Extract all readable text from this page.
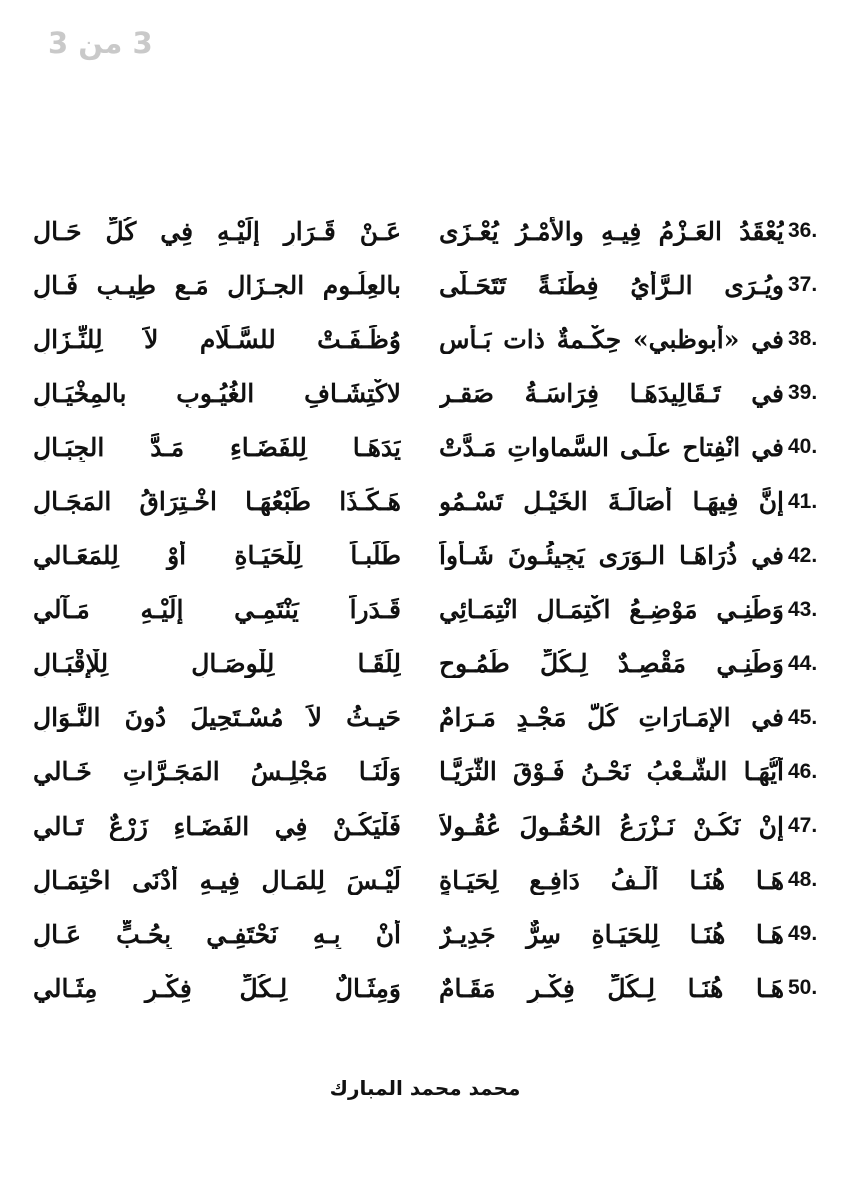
3 من 3
36.
يُعْقَدُ العَـزْمُ فِيـهِ والأَمْـرُ يُعْـزَى
عَـنْ قَـرَارٍ إِلَيْـهِ فِي كُلِّ حَـال
37.
ويُـرَى الـرَّأْيُ فِطْنَـةً تَتَحَـلَّى
بالعِلُـومِ الجـزَالِ مَـع طِيـبِ فَـالِ
38.
في «أبوظبي» حِكْـمةٌ ذات بَـأْسٍ
وُظِّـفَـتْ للسَّـلَامِ لاَ لِلنِّـزَالِ
39.
في تَـقَالِيدَهَـا فِرَاسَـةُ صَقـرٍ
لاكْتِشَـافِ الغُيُـوبِ بالمِخْيَـالِ
40.
في انْفِتاحٍ علَـى السَّماواتِ مَـدَّتْ
يَدَهَـا لِلفَضَـاءِ مَـدَّ الجِبَـالِ
41.
إنَّ فِيهَـا أَصَالَـةَ الخَيْـلِ تَسْـمُو
هَـكَـذَا طَبْعُهَـا اخْـتِرَاقُ المَجَـالِ
42.
في ذُرَاهَـا الـوَرَى يَجِيئُـونَ شَـأْواً
طَلَبـاً لِلْحَيَـاةِ أوْ لِلمَعَـالي
43.
وَطَنِـي مَوْضِـعُ اكْتِمَـالِ انْتِمَـائِي
قَـدَراً يَنْتَمِـي إِلَيْـهِ مَـآلي
44.
وَطَنِـي مَقْصِـدٌ لِـكُلِّ طُمُـوحٍ
لِلِّقَـا لِلْوِصَـالِ لِلْإِقْبَـالِ
45.
في الإِمَـارَاتِ كُلُّ مَجْـدٍ مَـرَامٌ
حَيـثُ لاَ مُسْـتَحِيلَ دُونَ النَّـوَالِ
46.
أيُّهَـا الشَّـعْبُ نَحْـنُ فَـوْقَ الثُّرَيَّـا
وَلَنَـا مَجْلِـسُ المَجَـرَّاتِ خَـالي
47.
إِنْ نَكُـنْ نَـزْرَعُ الحُقُـولَ عُقُـولاَ
فَلْيَكُـنْ فِي الفَضَـاءِ زَرْعٌ تَـالي
48.
هَـا هُنَـا أَلْـفُ دَافِـعٍ لِحَيَـاةٍ
لَيْـسَ لِلمَـالِ فِيـهِ أَدْنَى احْتِمَـالِ
49.
هَـا هُنَـا لِلحَيَـاةِ سِرٌّ جَدِيـرٌ
أنْ بِـهِ نَحْتَفِـي بِحُـبٍّ عَـالِ
50.
هَـا هُنَـا لِـكُلِّ فِكْـرٍ مَقَـامٌ
وَمِثَـالٌ لِـكُلِّ فِكْـرٍ مِثَـالي
محمد محمد المبارك
